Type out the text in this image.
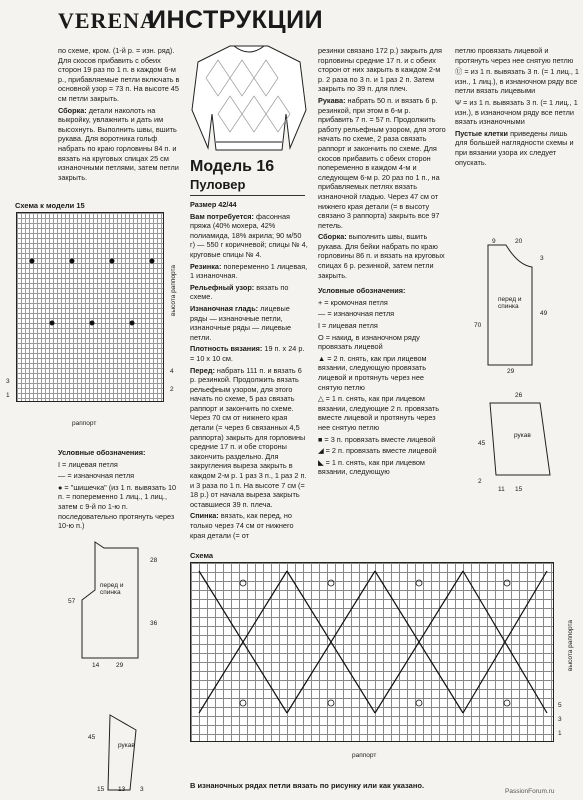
VERENA
ИНСТРУКЦИИ

по схеме, кром. (1-й р. = изн. ряд). Для скосов прибавить с обеих сторон 19 раз по 1 п. в каждом 6-м р., прибавляемые петли включать в основной узор = 73 п. На высоте 45 см петли закрыть.

Сборка: детали наколоть на выкройку, увлажнить и дать им высохнуть. Выполнить швы, вшить рукава. Для воротника гольф набрать по краю горловины 84 п. и вязать на круговых спицах 25 см изнаночными петлями, затем петли закрыть.

Модель 16
Пуловер

Размер 42/44

Вам потребуется: фасонная пряжа (40% мохера, 42% полиамида, 18% акрила; 90 м/50 г) — 550 г коричневой; спицы № 4, круговые спицы № 4.

Резинка: попеременно 1 лицевая, 1 изнаночная.

Рельефный узор: вязать по схеме.

Изнаночная гладь: лицевые ряды — изнаночные петли, изнаночные ряды — лицевые петли.

Плотность вязания: 19 п. x 24 р. = 10 x 10 см.

Перед: набрать 111 п. и вязать 6 р. резинкой. Продолжить вязать рельефным узором, для этого начать по схеме, 5 раз связать раппорт и закончить по схеме. Через 70 см от нижнего края детали (= через 6 связанных 4,5 раппорта) закрыть для горловины средние 17 п. и обе стороны закончить раздельно. Для закругления выреза закрыть в каждом 2-м р. 1 раз 3 п., 1 раз 2 п. и 3 раза по 1 п. На высоте 7 см (= 18 р.) от начала выреза закрыть оставшиеся 39 п. плеча.

Спинка: вязать, как перед, но только через 74 см от нижнего края детали (= от

резинки связано 172 р.) закрыть для горловины средние 17 п. и с обеих сторон от них закрыть в каждом 2-м р. 2 раза по 3 п. и 1 раз 2 п. Затем закрыть по 39 п. для плеч.

Рукава: набрать 50 п. и вязать 6 р. резинкой, при этом в 6-м р. прибавить 7 п. = 57 п. Продолжить работу рельефным узором, для этого начать по схеме, 2 раза связать раппорт и закончить по схеме. Для скосов прибавить с обеих сторон попеременно в каждом 4-м и следующем 6-м р. 20 раз по 1 п., на прибавляемых петлях вязать изнаночной гладью. Через 47 см от нижнего края детали (= в высоту связано 3 раппорта) закрыть все 97 петель.

Сборка: выполнить швы, вшить рукава. Для бейки набрать по краю горловины 86 п. и вязать на круговых спицах 6 р. резинкой, затем петли закрыть.

Условные обозначения:

+ = кромочная петля

— = изнаночная петля

I = лицевая петля

О = накид, в изнаночном ряду провязать лицевой

▲ = 2 п. снять, как при лицевом вязании, следующую провязать лицевой и протянуть через нее снятую петлю

△ = 1 п. снять, как при лицевом вязании, следующие 2 п. провязать вместе лицевой и протянуть через нее снятую петлю

■ = 3 п. провязать вместе лицевой

◢ = 2 п. провязать вместе лицевой

◣ = 1 п. снять, как при лицевом вязании, следующую

петлю провязать лицевой и протянуть через нее снятую петлю

Ⓤ = из 1 п. вывязать 3 п. (= 1 лиц., 1 изн., 1 лиц.), в изнаночном ряду все петли вязать лицевыми

Ψ = из 1 п. вывязать 3 п. (= 1 лиц., 1 изн.), в изнаночном ряду все петли вязать изнаночными

Пустые клетки приведены лишь для большей наглядности схемы и при вязании узора их следует опускать.

Схема к модели 15
высота раппорта
4
2
3
1
раппорт

Условные обозначения:

I = лицевая петля

— = изнаночная петля

● = "шишечка" (из 1 п. вывязать 10 п. = попеременно 1 лиц., 1 лиц., затем с 9-й по 1-ю п. последовательно протянуть через 10-ю п.)

перед и спинка
28
57
36
29
14
рукав
45
15 13 3
9	20
3
перед и спинка
70
49
29
26
рукав
45
11 15
2
Схема
высота раппорта
5
3
1
раппорт
В изнаночных рядах петли вязать по рисунку или как указано.
PassionForum.ru
